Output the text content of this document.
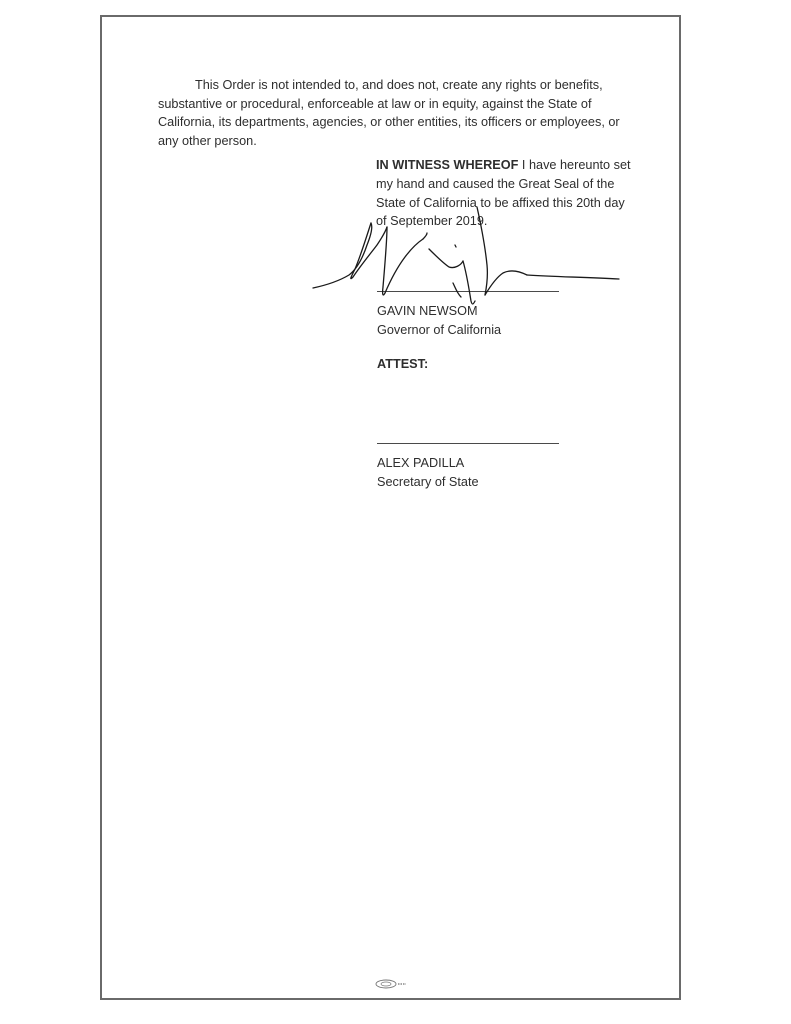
This Order is not intended to, and does not, create any rights or benefits, substantive or procedural, enforceable at law or in equity, against the State of California, its departments, agencies, or other entities, its officers or employees, or any other person.

IN WITNESS WHEREOF I have hereunto set my hand and caused the Great Seal of the State of California to be affixed this 20th day of September 2019.

GAVIN NEWSOM
Governor of California
ATTEST:
ALEX PADILLA
Secretary of State
